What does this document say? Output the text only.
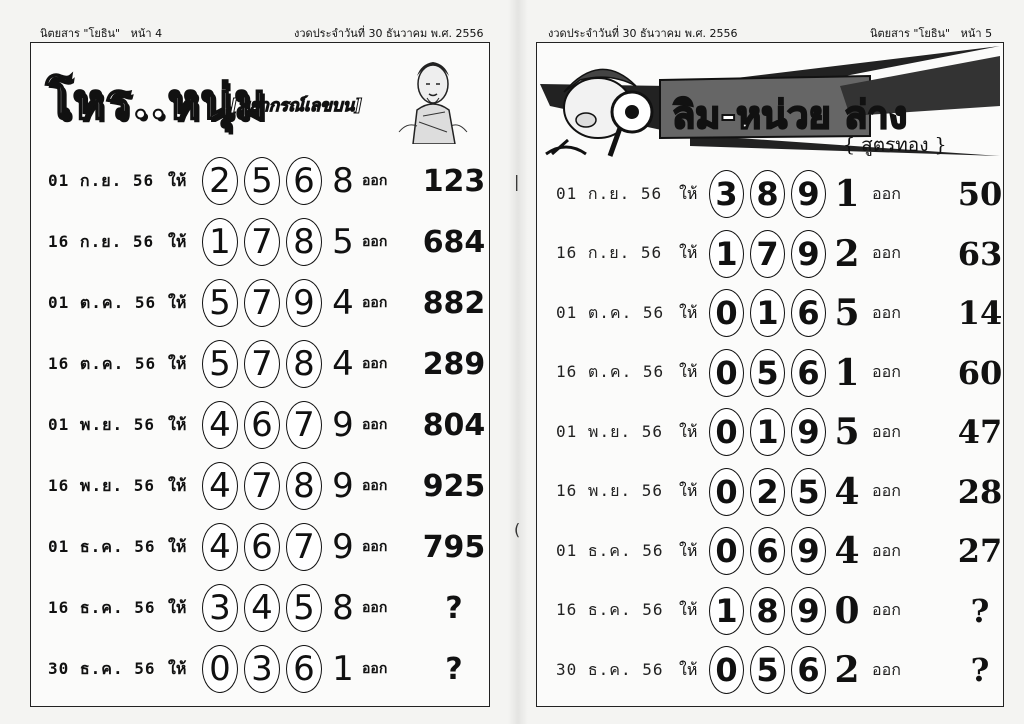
นิตยสาร "โยธิน" หน้า 4	งวดประจำวันที่ 30 ธันวาคม พ.ศ. 2556	งวดประจำวันที่ 30 ธันวาคม พ.ศ. 2556	นิตยสาร "โยธิน" หน้า 5
โหร..หนุ่ม
[พยากรณ์เลขบน]	ลิม-หน่วย ล่าง
{ สูตรทอง }
|
(
01 ก.ย. 56 ให้ 2 5 6 8 ออก	123
16 ก.ย. 56 ให้ 1 7 8 5 ออก	684
01 ต.ค. 56 ให้ 5 7 9 4 ออก	882
16 ต.ค. 56 ให้ 5 7 8 4 ออก	289
01 พ.ย. 56 ให้ 4 6 7 9 ออก	804
16 พ.ย. 56 ให้ 4 7 8 9 ออก	925
01 ธ.ค. 56 ให้ 4 6 7 9 ออก	795
16 ธ.ค. 56 ให้ 3 4 5 8 ออก	?
30 ธ.ค. 56 ให้ 0 3 6 1 ออก	?
01 ก.ย. 56	ให้ 3 8 9 1 ออก	50
16 ก.ย. 56	ให้ 1 7 9 2 ออก	63
01 ต.ค. 56 ให้ 0 1 6 5 ออก	14
16 ต.ค. 56 ให้ 0 5 6 1 ออก	60
01 พ.ย. 56	ให้ 0 1 9 5 ออก	47
16 พ.ย. 56	ให้ 0 2 5 4 ออก	28
01 ธ.ค. 56 ให้ 0 6 9 4 ออก	27
16 ธ.ค. 56 ให้ 1 8 9 0 ออก	?
30 ธ.ค. 56 ให้ 0 5 6 2 ออก	?
